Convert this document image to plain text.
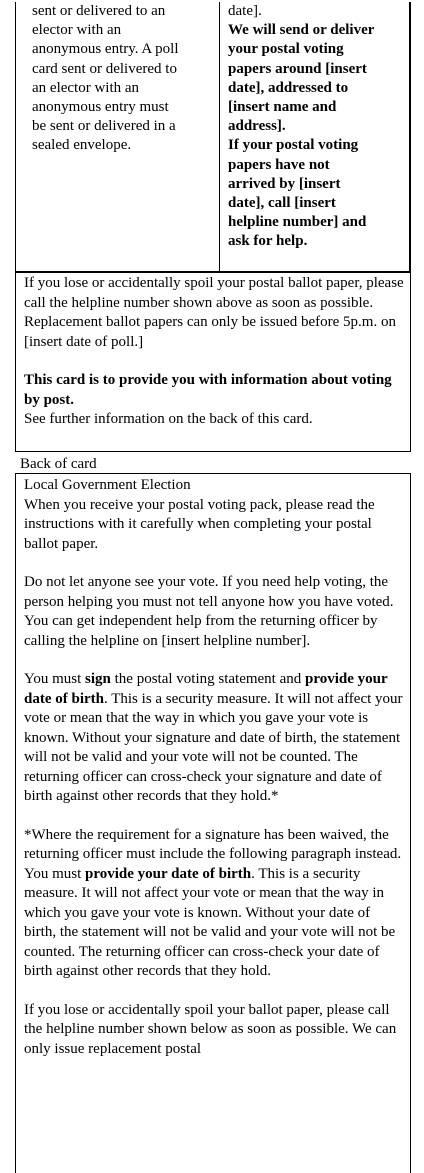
sent or delivered to an

elector with an

anonymous entry. A poll

card sent or delivered to

an elector with an

anonymous entry must

be sent or delivered in a

sealed envelope.

date].

We will send or deliver

your postal voting

papers around [insert

date], addressed to

[insert name and

address].

If your postal voting

papers have not

arrived by [insert

date], call [insert

helpline number] and

ask for help.

If you lose or accidentally spoil your postal ballot paper, please call the helpline number shown above as soon as possible. Replacement ballot papers can only be issued before 5p.m. on [insert date of poll.]

This card is to provide you with information about voting by post.

See further information on the back of this card.

Back of card

Local Government Election

When you receive your postal voting pack, please read the instructions with it carefully when completing your postal ballot paper.

Do not let anyone see your vote. If you need help voting, the person helping you must not tell anyone how you have voted. You can get independent help from the returning officer by calling the helpline on [insert helpline number].

You must sign the postal voting statement and provide your date of birth. This is a security measure. It will not affect your vote or mean that the way in which you gave your vote is known. Without your signature and date of birth, the statement will not be valid and your vote will not be counted. The returning officer can cross-check your signature and date of birth against other records that they hold.*

*Where the requirement for a signature has been waived, the returning officer must include the following paragraph instead.

You must provide your date of birth. This is a security measure. It will not affect your vote or mean that the way in which you gave your vote is known. Without your date of birth, the statement will not be valid and your vote will not be counted. The returning officer can cross-check your date of birth against other records that they hold.

If you lose or accidentally spoil your ballot paper, please call the helpline number shown below as soon as possible. We can only issue replacement postal
